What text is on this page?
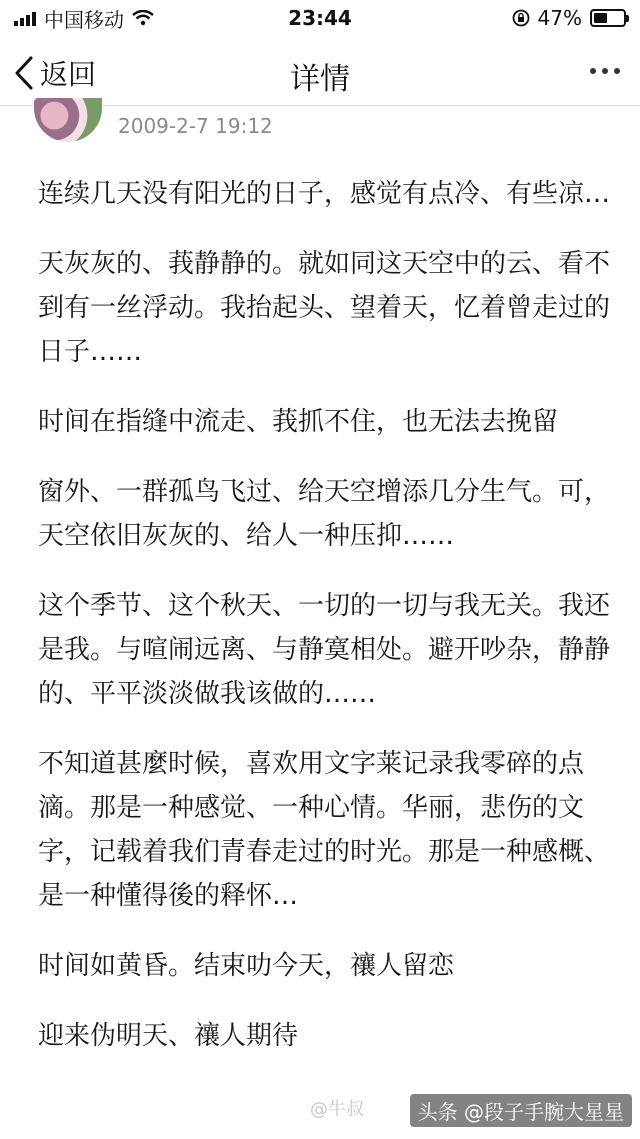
中国移动	23:44	47%
返回	详情
2009-2-7 19:12

连续几天没有阳光的日子，感觉有点冷、有些凉…

天灰灰的、莪静静的。就如同这天空中的云、看不到有一丝浮动。我抬起头、望着天，忆着曾走过的日子……

时间在指缝中流走、莪抓不住，也无法去挽留

窗外、一群孤鸟飞过、给天空增添几分生气。可，天空依旧灰灰的、给人一种压抑……

这个季节、这个秋天、一切的一切与我无关。我还是我。与喧闹远离、与静寞相处。避开吵杂，静静的、平平淡淡做我该做的……

不知道甚麼时候，喜欢用文字莱记录我零碎的点滴。那是一种感觉、一种心情。华丽，悲伤的文字，记载着我们青春走过的时光。那是一种感概、是一种懂得後的释怀…

时间如黄昏。结束叻今天，禳人留恋

迎来伪明天、禳人期待

@牛叔	头条 @段子手腕大星星
